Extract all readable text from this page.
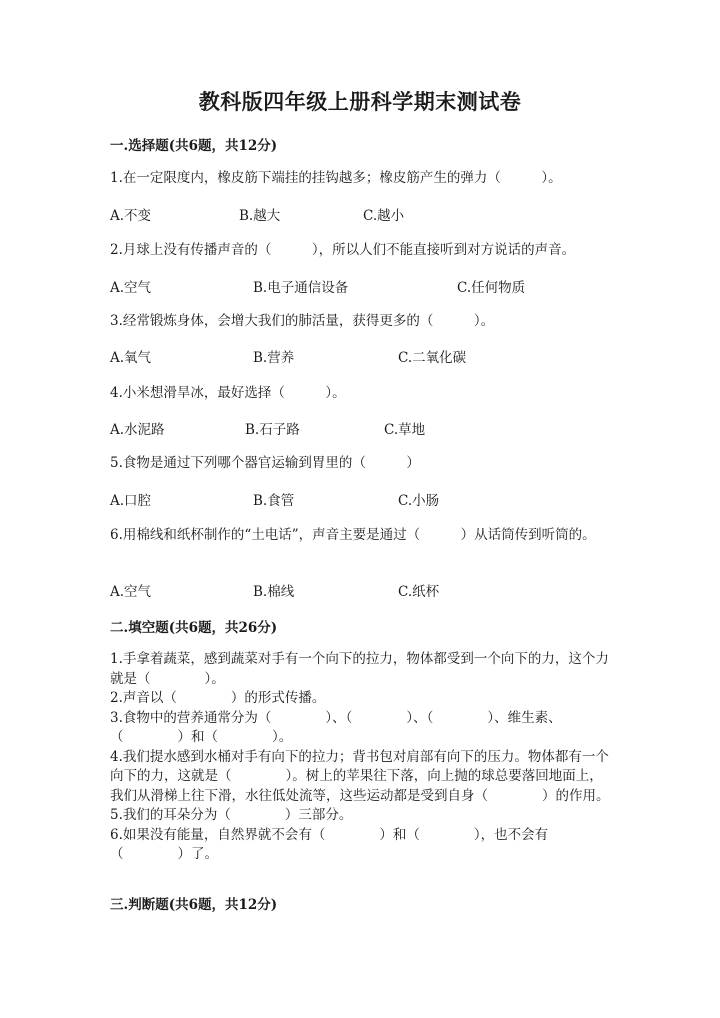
教科版四年级上册科学期末测试卷
一.选择题(共6题，共12分)
1.在一定限度内，橡皮筋下端挂的挂钩越多；橡皮筋产生的弹力（　　　）。
A.不变	B.越大	C.越小
2.月球上没有传播声音的（　　　），所以人们不能直接听到对方说话的声音。
A.空气	B.电子通信设备	C.任何物质
3.经常锻炼身体，会增大我们的肺活量，获得更多的（　　　）。
A.氧气	B.营养	C.二氧化碳
4.小米想滑旱冰，最好选择（　　　）。
A.水泥路	B.石子路	C.草地
5.食物是通过下列哪个器官运输到胃里的（　　　）
A.口腔	B.食管	C.小肠
6.用棉线和纸杯制作的“土电话”，声音主要是通过（　　　）从话筒传到听筒的。
A.空气	B.棉线	C.纸杯
二.填空题(共6题，共26分)

1.手拿着蔬菜，感到蔬菜对手有一个向下的拉力，物体都受到一个向下的力，这个力就是（　　　　）。

2.声音以（　　　　）的形式传播。

3.食物中的营养通常分为（　　　　）、（　　　　）、（　　　　）、维生素、（　　　　）和（　　　　）。

4.我们提水感到水桶对手有向下的拉力；背书包对肩部有向下的压力。物体都有一个向下的力，这就是（　　　　）。树上的苹果往下落，向上抛的球总要落回地面上，我们从滑梯上往下滑，水往低处流等，这些运动都是受到自身（　　　　）的作用。

5.我们的耳朵分为（　　　　）三部分。

6.如果没有能量，自然界就不会有（　　　　）和（　　　　），也不会有（　　　　）了。

三.判断题(共6题，共12分)
